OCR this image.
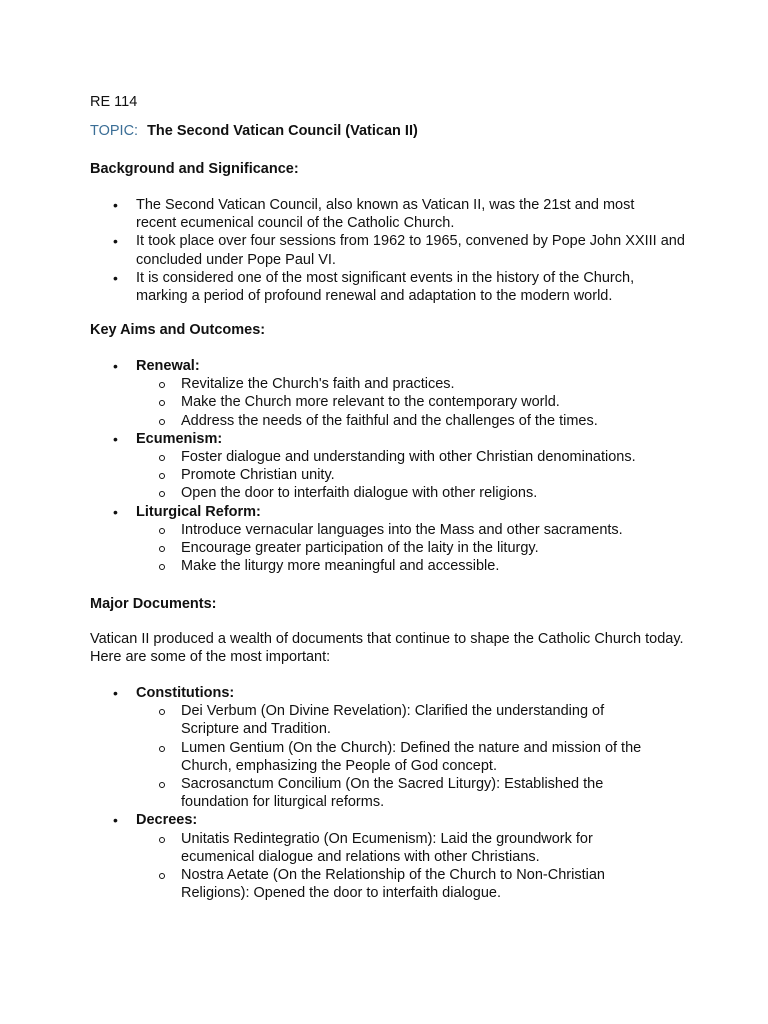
RE 114

TOPIC: The Second Vatican Council (Vatican II)

Background and Significance:
• The Second Vatican Council, also known as Vatican II, was the 21st and most recent ecumenical council of the Catholic Church.
• It took place over four sessions from 1962 to 1965, convened by Pope John XXIII and concluded under Pope Paul VI.
• It is considered one of the most significant events in the history of the Church, marking a period of profound renewal and adaptation to the modern world.
Key Aims and Outcomes:
• Renewal:
Revitalize the Church's faith and practices.
Make the Church more relevant to the contemporary world.
Address the needs of the faithful and the challenges of the times.
• Ecumenism:
Foster dialogue and understanding with other Christian denominations.
Promote Christian unity.
Open the door to interfaith dialogue with other religions.
• Liturgical Reform:
Introduce vernacular languages into the Mass and other sacraments.
Encourage greater participation of the laity in the liturgy.
Make the liturgy more meaningful and accessible.
Major Documents:

Vatican II produced a wealth of documents that continue to shape the Catholic Church today. Here are some of the most important:

• Constitutions:
Dei Verbum (On Divine Revelation): Clarified the understanding of Scripture and Tradition.
Lumen Gentium (On the Church): Defined the nature and mission of the Church, emphasizing the People of God concept.
Sacrosanctum Concilium (On the Sacred Liturgy): Established the foundation for liturgical reforms.
• Decrees:
Unitatis Redintegratio (On Ecumenism): Laid the groundwork for ecumenical dialogue and relations with other Christians.
Nostra Aetate (On the Relationship of the Church to Non-Christian Religions): Opened the door to interfaith dialogue.
